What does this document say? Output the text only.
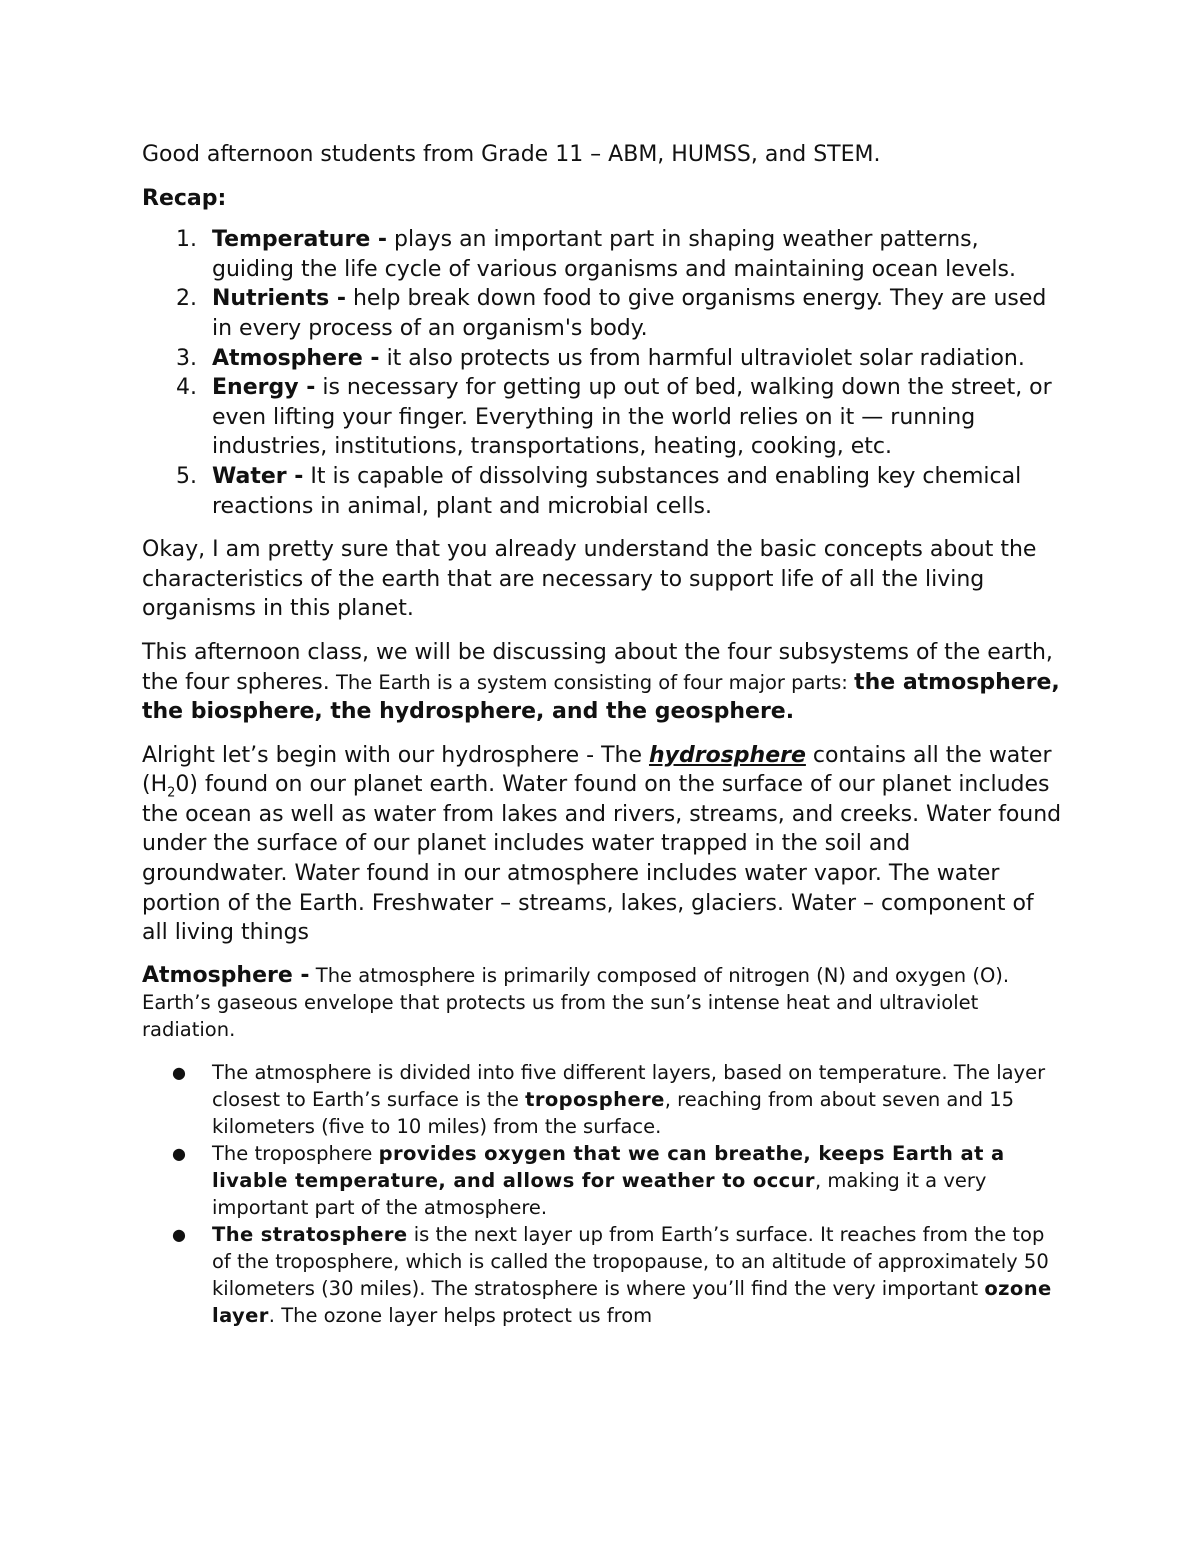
Good afternoon students from Grade 11 – ABM, HUMSS, and STEM.

Recap:

1. Temperature - plays an important part in shaping weather patterns, guiding the life cycle of various organisms and maintaining ocean levels.
2. Nutrients - help break down food to give organisms energy. They are used in every process of an organism's body.
3. Atmosphere - it also protects us from harmful ultraviolet solar radiation.
4. Energy - is necessary for getting up out of bed, walking down the street, or even lifting your finger. Everything in the world relies on it — running industries, institutions, transportations, heating, cooking, etc.
5. Water - It is capable of dissolving substances and enabling key chemical reactions in animal, plant and microbial cells.

Okay, I am pretty sure that you already understand the basic concepts about the characteristics of the earth that are necessary to support life of all the living organisms in this planet.

This afternoon class, we will be discussing about the four subsystems of the earth, the four spheres. The Earth is a system consisting of four major parts: the atmosphere, the biosphere, the hydrosphere, and the geosphere.

Alright let’s begin with our hydrosphere - The hydrosphere contains all the water $(H_20)$ found on our planet earth. Water found on the surface of our planet includes the ocean as well as water from lakes and rivers, streams, and creeks. Water found under the surface of our planet includes water trapped in the soil and groundwater. Water found in our atmosphere includes water vapor. The water portion of the Earth. Freshwater – streams, lakes, glaciers. Water – component of all living things

Atmosphere - The atmosphere is primarily composed of nitrogen (N) and oxygen (O). Earth’s gaseous envelope that protects us from the sun’s intense heat and ultraviolet radiation.

● The atmosphere is divided into five different layers, based on temperature. The layer closest to Earth’s surface is the troposphere, reaching from about seven and 15 kilometers (five to 10 miles) from the surface.
● The troposphere provides oxygen that we can breathe, keeps Earth at a livable temperature, and allows for weather to occur, making it a very important part of the atmosphere.
● The stratosphere is the next layer up from Earth’s surface. It reaches from the top of the troposphere, which is called the tropopause, to an altitude of approximately 50 kilometers (30 miles). The stratosphere is where you’ll find the very important ozone layer. The ozone layer helps protect us from
